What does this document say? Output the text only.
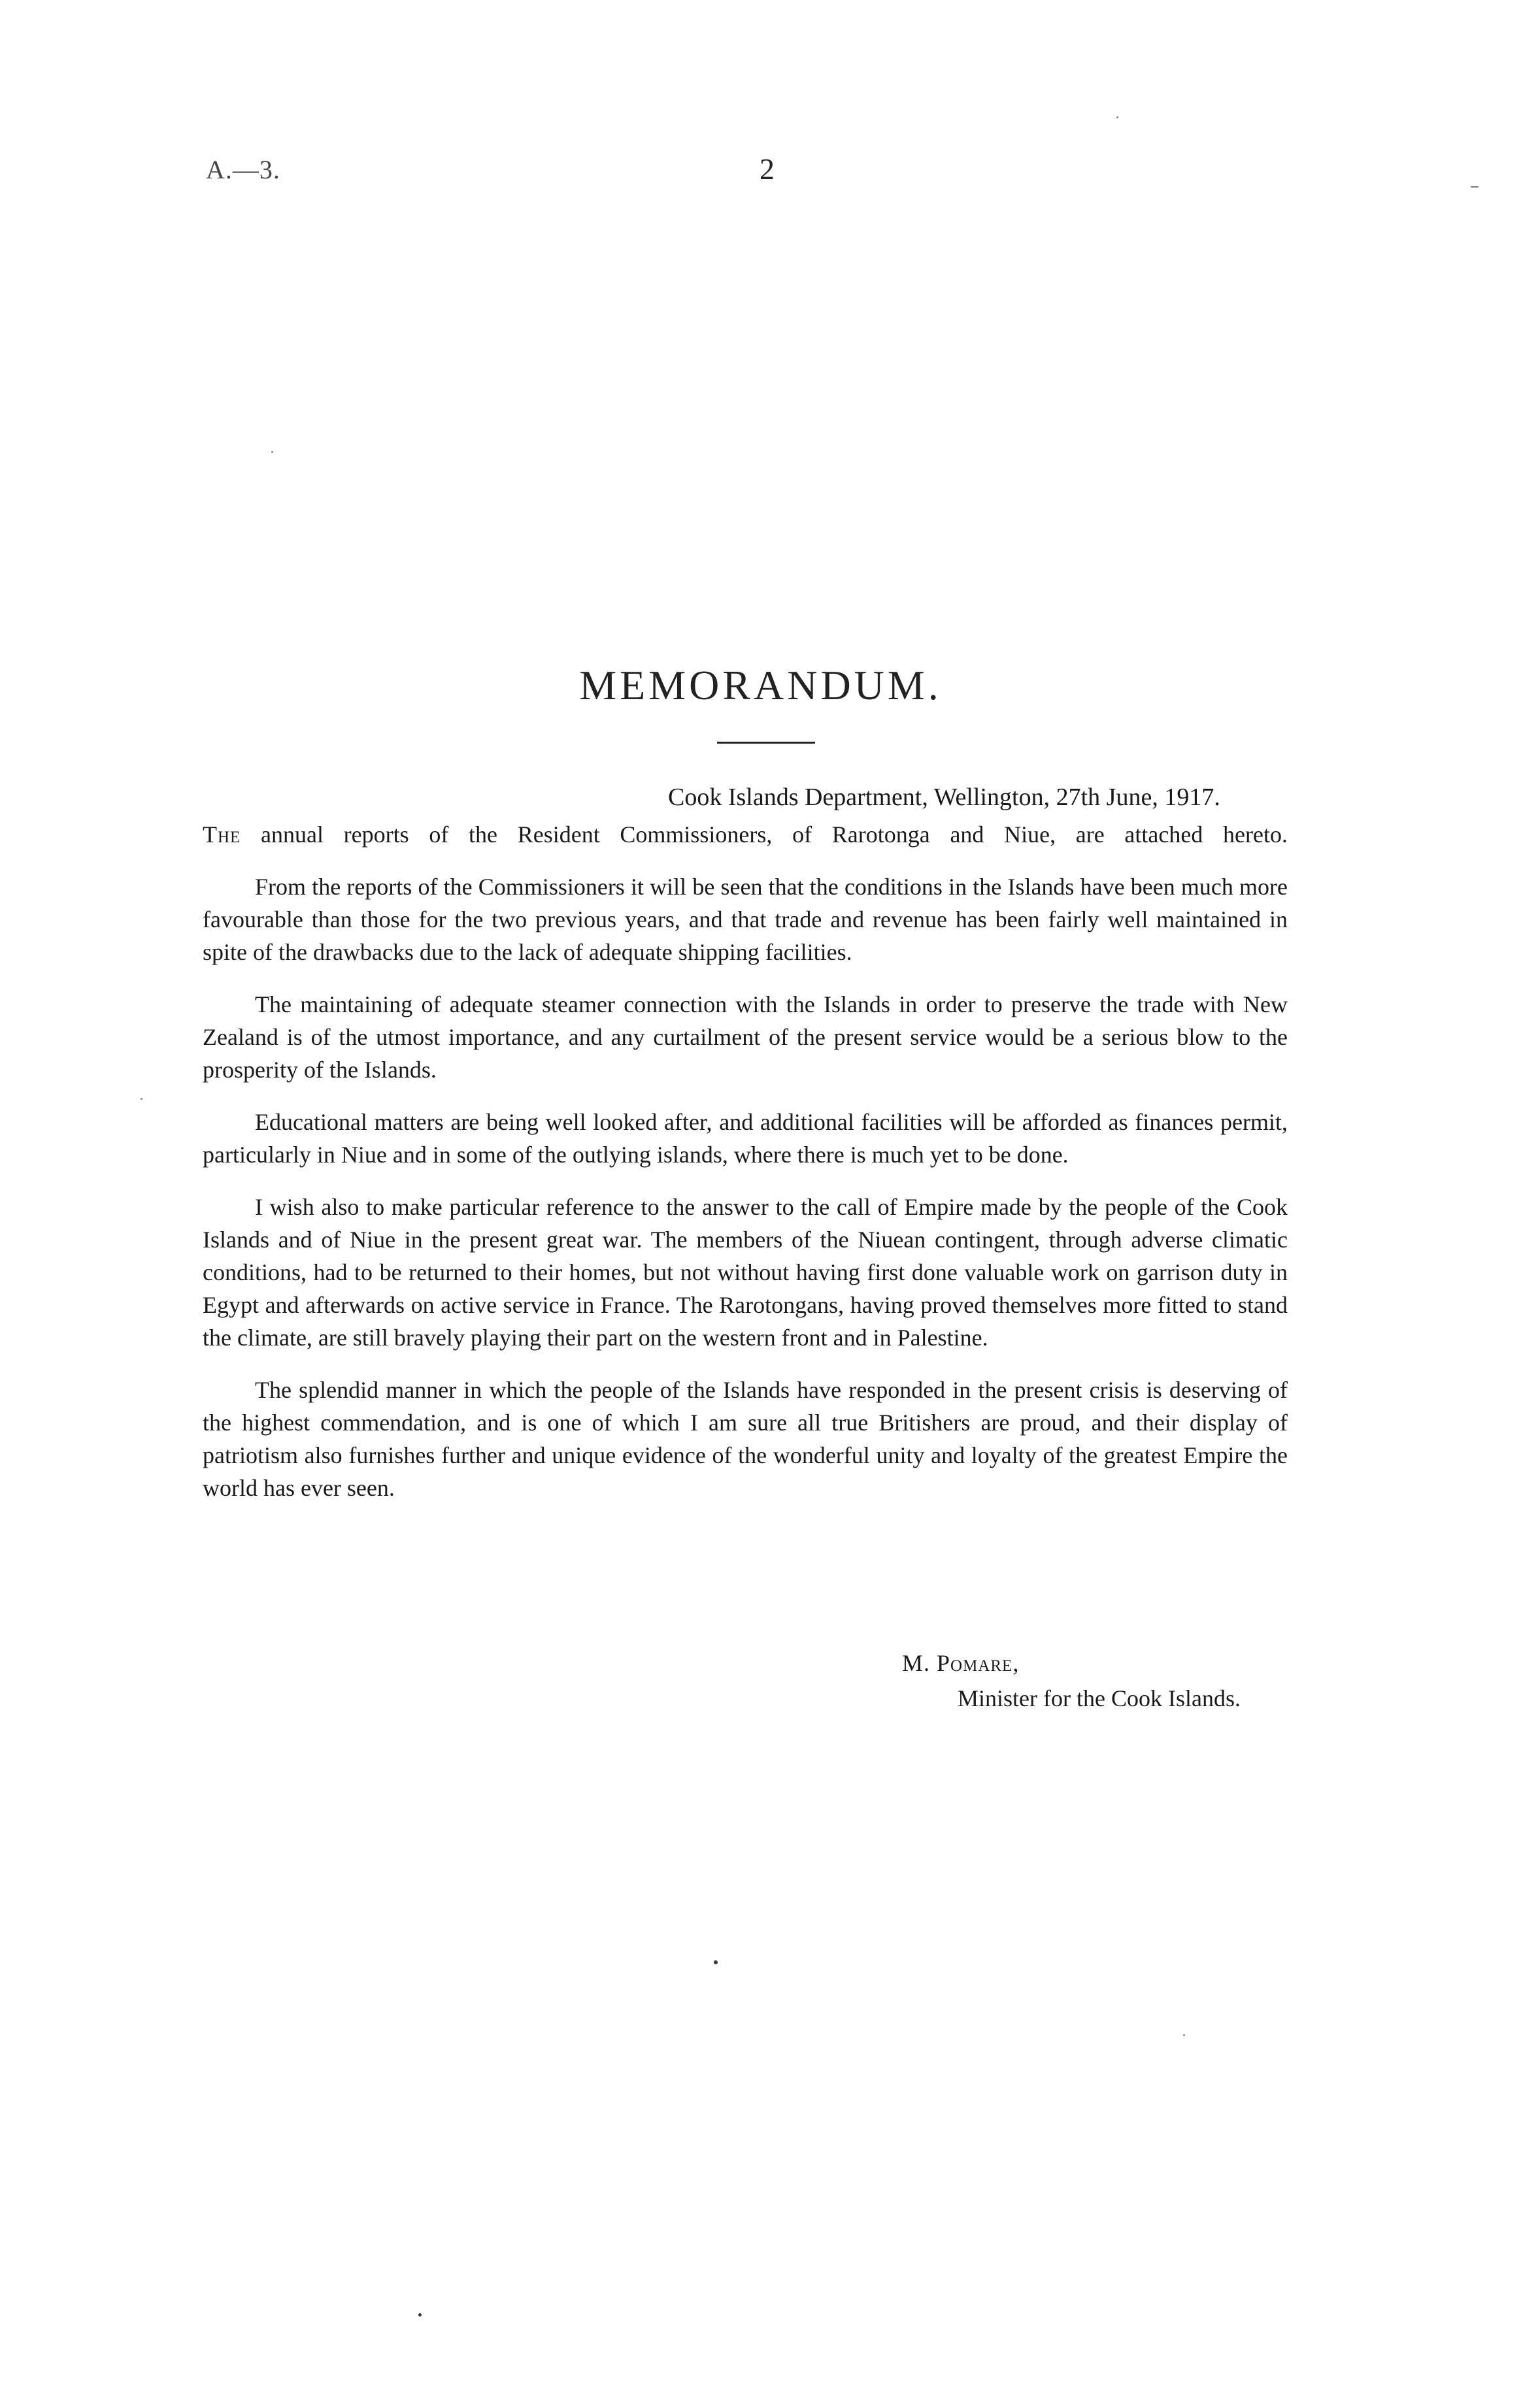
A.—3.	2
MEMORANDUM.
Cook Islands Department, Wellington, 27th June, 1917.

The annual reports of the Resident Commissioners, of Rarotonga and Niue, are attached hereto.

From the reports of the Commissioners it will be seen that the conditions in the Islands have been much more favourable than those for the two previous years, and that trade and revenue has been fairly well maintained in spite of the drawbacks due to the lack of adequate shipping facilities.

The maintaining of adequate steamer connection with the Islands in order to preserve the trade with New Zealand is of the utmost importance, and any curtailment of the present service would be a serious blow to the prosperity of the Islands.

Educational matters are being well looked after, and additional facilities will be afforded as finances permit, particularly in Niue and in some of the outlying islands, where there is much yet to be done.

I wish also to make particular reference to the answer to the call of Empire made by the people of the Cook Islands and of Niue in the present great war. The members of the Niuean contingent, through adverse climatic conditions, had to be returned to their homes, but not without having first done valuable work on garrison duty in Egypt and afterwards on active service in France. The Rarotongans, having proved themselves more fitted to stand the climate, are still bravely playing their part on the western front and in Palestine.

The splendid manner in which the people of the Islands have responded in the present crisis is deserving of the highest commendation, and is one of which I am sure all true Britishers are proud, and their display of patriotism also furnishes further and unique evidence of the wonderful unity and loyalty of the greatest Empire the world has ever seen.

M. Pomare,
Minister for the Cook Islands.
